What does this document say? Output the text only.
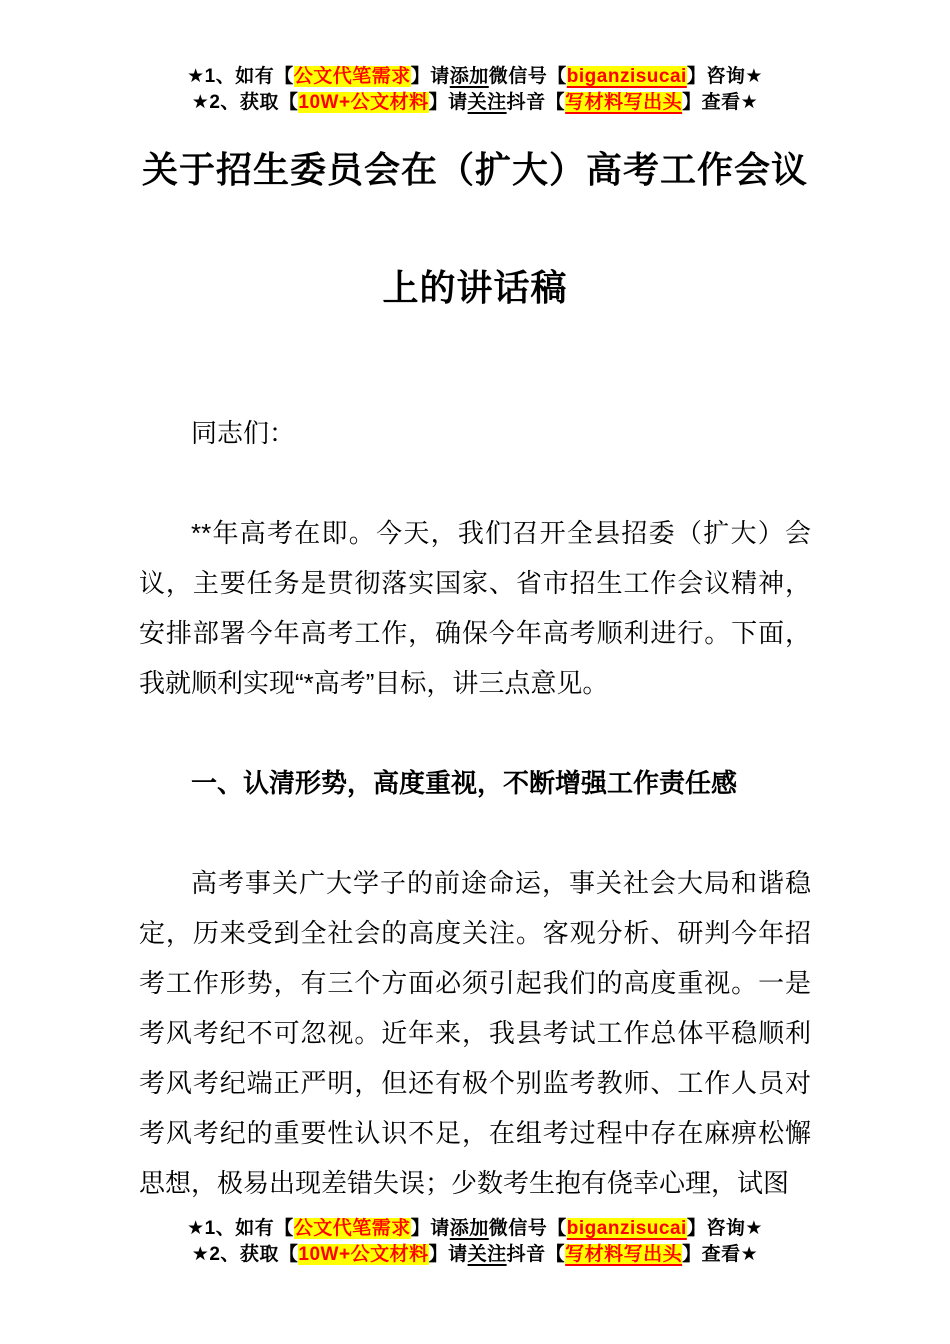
★1、如有【公文代笔需求】请添加微信号【biganzisucai】咨询★
★2、获取【10W+公文材料】请关注抖音【写材料写出头】查看★
关于招生委员会在（扩大）高考工作会议
上的讲话稿

同志们：

**年高考在即。今天，我们召开全县招委（扩大）会议，主要任务是贯彻落实国家、省市招生工作会议精神，安排部署今年高考工作，确保今年高考顺利进行。下面，我就顺利实现“*高考”目标，讲三点意见。

一、认清形势，高度重视，不断增强工作责任感

高考事关广大学子的前途命运，事关社会大局和谐稳定，历来受到全社会的高度关注。客观分析、研判今年招考工作形势，有三个方面必须引起我们的高度重视。一是考风考纪不可忽视。近年来，我县考试工作总体平稳顺利考风考纪端正严明，但还有极个别监考教师、工作人员对考风考纪的重要性认识不足，在组考过程中存在麻痹松懈思想，极易出现差错失误；少数考生抱有侥幸心理，试图

★1、如有【公文代笔需求】请添加微信号【biganzisucai】咨询★
★2、获取【10W+公文材料】请关注抖音【写材料写出头】查看★
